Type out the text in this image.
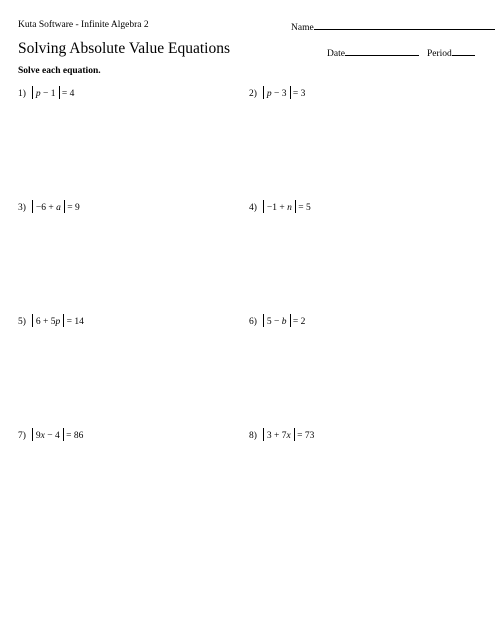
Kuta Software - Infinite Algebra 2	Name
Solving Absolute Value Equations	Date	Period
Solve each equation.
1) p − 1 = 4	2) p − 3 = 3
3) −6 + a = 9	4) −1 + n = 5
5) 6 + 5p = 14	6) 5 − b = 2
7) 9x − 4 = 86	8) 3 + 7x = 73
